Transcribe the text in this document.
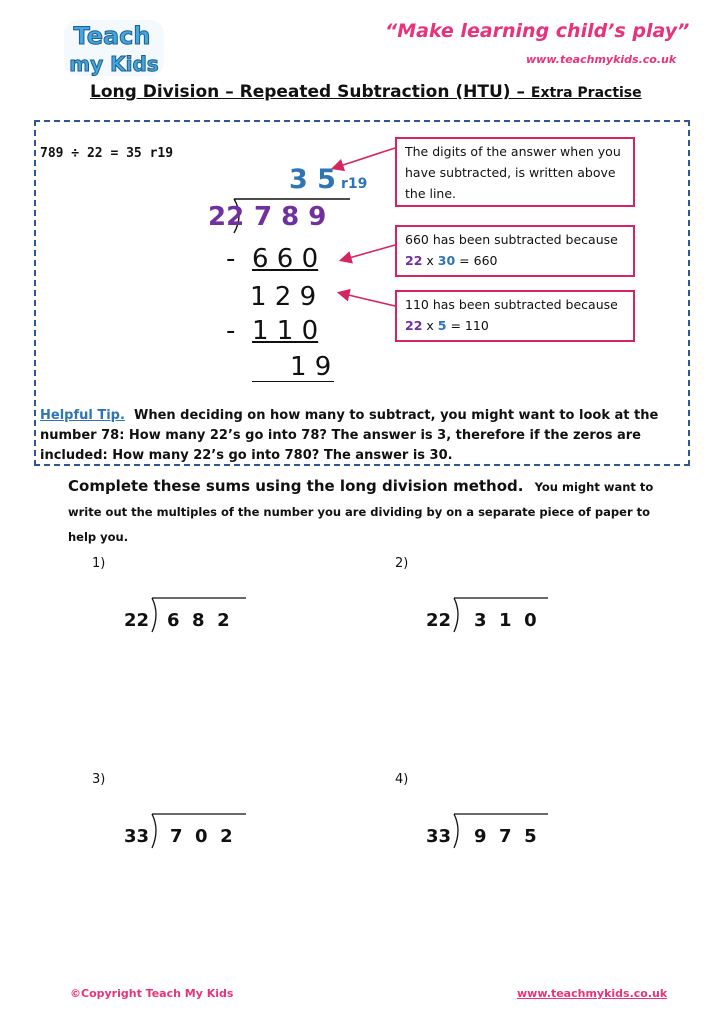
Teach
my Kids
“Make learning child’s play”
www.teachmykids.co.uk
Long Division – Repeated Subtraction (HTU) – Extra Practise
789 ÷ 22 = 35 r19
3 5 r19
22 7 8 9
- 6 6 0
1 2 9
- 1 1 0
1 9
The digits of the answer when you have subtracted, is written above the line.
660 has been subtracted because
22 x 30 = 660
110 has been subtracted because
22 x 5 = 110
Helpful Tip. When deciding on how many to subtract, you might want to look at the number 78: How many 22’s go into 78? The answer is 3, therefore if the zeros are included: How many 22’s go into 780? The answer is 30.
Complete these sums using the long division method. You might want to write out the multiples of the number you are dividing by on a separate piece of paper to help you.
1)
22 6  8  2
2)
22 3  1  0
3)
33 7  0  2
4)
33 9  7  5
©Copyright Teach My Kids	www.teachmykids.co.uk
